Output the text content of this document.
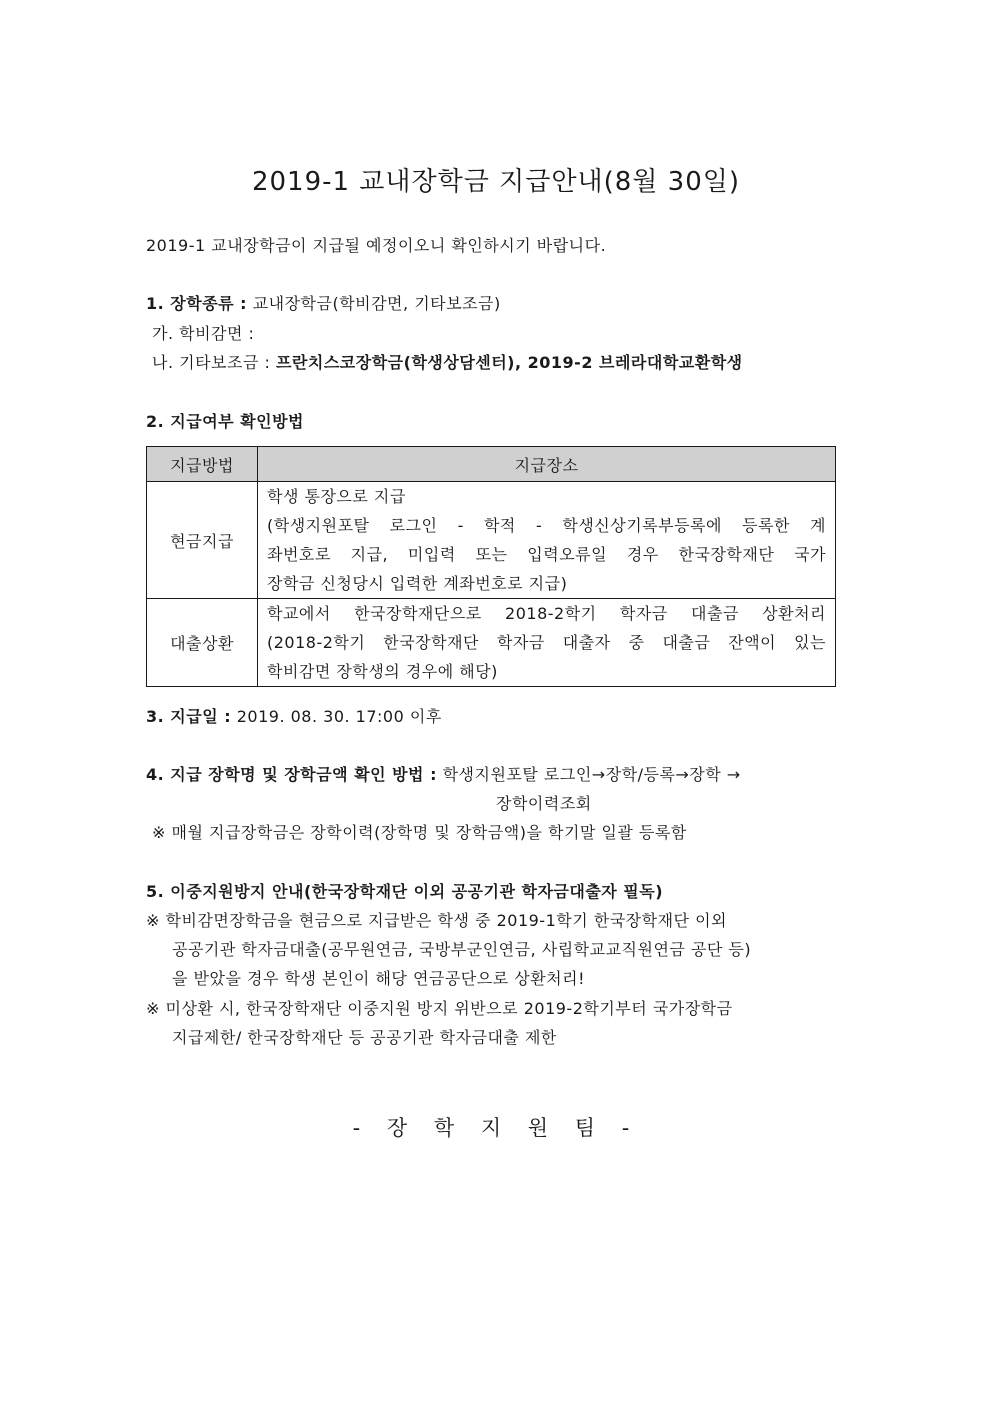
2019-1 교내장학금 지급안내(8월 30일)
2019-1 교내장학금이 지급될 예정이오니 확인하시기 바랍니다.
1. 장학종류 : 교내장학금(학비감면, 기타보조금)
가. 학비감면 :
나. 기타보조금 : 프란치스코장학금(학생상담센터), 2019-2 브레라대학교환학생
2. 지급여부 확인방법
지급방법	지급장소
현금지급	학생 통장으로 지급
(학생지원포탈 로그인 - 학적 - 학생신상기록부등록에 등록한 계
좌번호로 지급, 미입력 또는 입력오류일 경우 한국장학재단 국가
장학금 신청당시 입력한 계좌번호로 지급)

대출상환	학교에서 한국장학재단으로 2018-2학기 학자금 대출금 상환처리
(2018-2학기 한국장학재단 학자금 대출자 중 대출금 잔액이 있는
학비감면 장학생의 경우에 해당)
3. 지급일 : 2019. 08. 30. 17:00 이후
4. 지급 장학명 및 장학금액 확인 방법 : 학생지원포탈 로그인→장학/등록→장학 →
장학이력조회
※ 매월 지급장학금은 장학이력(장학명 및 장학금액)을 학기말 일괄 등록함
5. 이중지원방지 안내(한국장학재단 이외 공공기관 학자금대출자 필독)
※ 학비감면장학금을 현금으로 지급받은 학생 중 2019-1학기 한국장학재단 이외
공공기관 학자금대출(공무원연금, 국방부군인연금, 사립학교교직원연금 공단 등)
을 받았을 경우 학생 본인이 해당 연금공단으로 상환처리!
※ 미상환 시, 한국장학재단 이중지원 방지 위반으로 2019-2학기부터 국가장학금
지급제한/ 한국장학재단 등 공공기관 학자금대출 제한
- 장 학 지 원 팀 -
